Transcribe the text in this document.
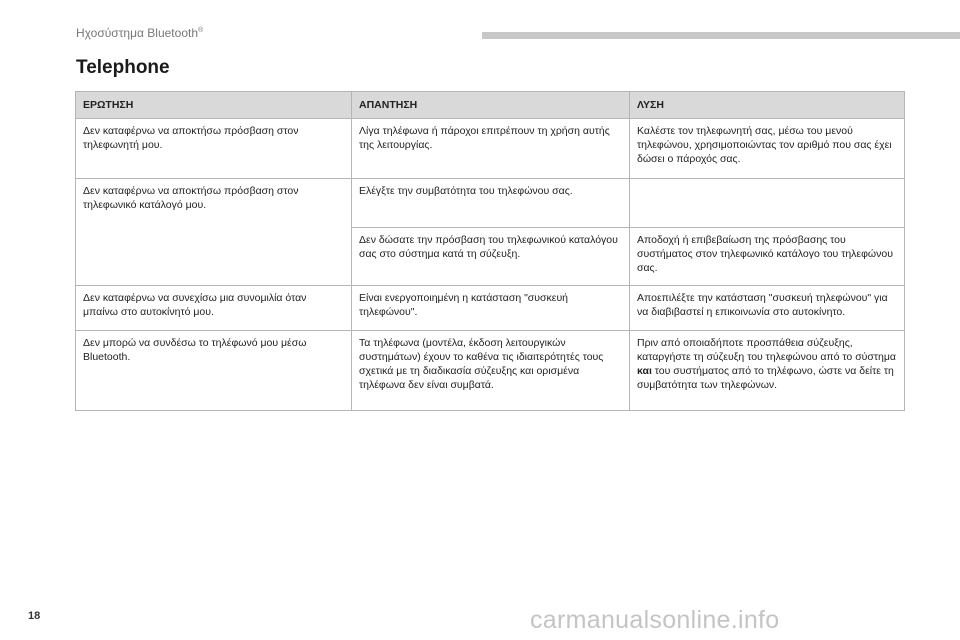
Ηχοσύστημα Bluetooth®
Telephone
ΕΡΩΤΗΣΗ	ΑΠΑΝΤΗΣΗ	ΛΥΣΗ
Δεν καταφέρνω να αποκτήσω πρόσβαση στον τηλεφωνητή μου.	Λίγα τηλέφωνα ή πάροχοι επιτρέπουν τη χρήση αυτής της λειτουργίας.	Καλέστε τον τηλεφωνητή σας, μέσω του μενού τηλεφώνου, χρησιμοποιώντας τον αριθμό που σας έχει δώσει ο πάροχός σας.
Δεν καταφέρνω να αποκτήσω πρόσβαση στον τηλεφωνικό κατάλογό μου.	Ελέγξτε την συμβατότητα του τηλεφώνου σας.	
	Δεν δώσατε την πρόσβαση του τηλεφωνικού καταλόγου σας στο σύστημα κατά τη σύζευξη.	Αποδοχή ή επιβεβαίωση της πρόσβασης του συστήματος στον τηλεφωνικό κατάλογο του τηλεφώνου σας.
Δεν καταφέρνω να συνεχίσω μια συνομιλία όταν μπαίνω στο αυτοκίνητό μου.	Είναι ενεργοποιημένη η κατάσταση "συσκευή τηλεφώνου".	Αποεπιλέξτε την κατάσταση "συσκευή τηλεφώνου" για να διαβιβαστεί η επικοινωνία στο αυτοκίνητο.
Δεν μπορώ να συνδέσω το τηλέφωνό μου μέσω Bluetooth.	Τα τηλέφωνα (μοντέλα, έκδοση λειτουργικών συστημάτων) έχουν το καθένα τις ιδιαιτερότητές τους σχετικά με τη διαδικασία σύζευξης και ορισμένα τηλέφωνα δεν είναι συμβατά.	Πριν από οποιαδήποτε προσπάθεια σύζευξης, καταργήστε τη σύζευξη του τηλεφώνου από το σύστημα και του συστήματος από το τηλέφωνο, ώστε να δείτε τη συμβατότητα των τηλεφώνων.
18	carmanualsonline.info
